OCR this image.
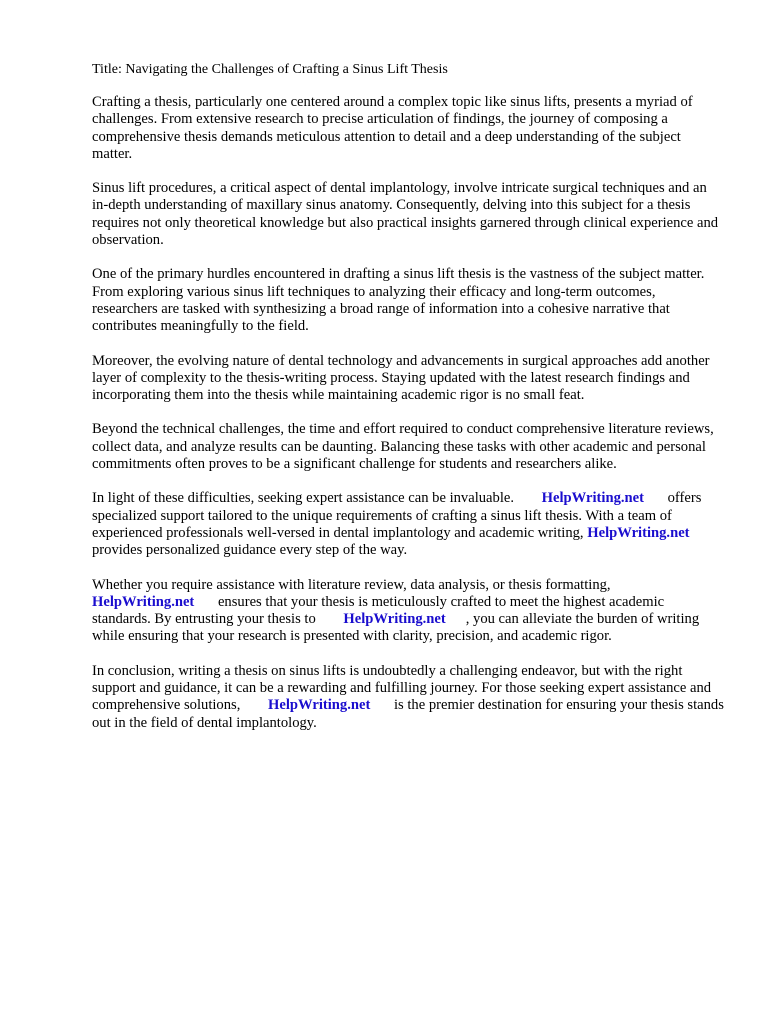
Title: Navigating the Challenges of Crafting a Sinus Lift Thesis

Crafting a thesis, particularly one centered around a complex topic like sinus lifts, presents a myriad of challenges. From extensive research to precise articulation of findings, the journey of composing a comprehensive thesis demands meticulous attention to detail and a deep understanding of the subject matter.

Sinus lift procedures, a critical aspect of dental implantology, involve intricate surgical techniques and an in-depth understanding of maxillary sinus anatomy. Consequently, delving into this subject for a thesis requires not only theoretical knowledge but also practical insights garnered through clinical experience and observation.

One of the primary hurdles encountered in drafting a sinus lift thesis is the vastness of the subject matter. From exploring various sinus lift techniques to analyzing their efficacy and long-term outcomes, researchers are tasked with synthesizing a broad range of information into a cohesive narrative that contributes meaningfully to the field.

Moreover, the evolving nature of dental technology and advancements in surgical approaches add another layer of complexity to the thesis-writing process. Staying updated with the latest research findings and incorporating them into the thesis while maintaining academic rigor is no small feat.

Beyond the technical challenges, the time and effort required to conduct comprehensive literature reviews, collect data, and analyze results can be daunting. Balancing these tasks with other academic and personal commitments often proves to be a significant challenge for students and researchers alike.

In light of these difficulties, seeking expert assistance can be invaluable. HelpWriting.net offers specialized support tailored to the unique requirements of crafting a sinus lift thesis. With a team of experienced professionals well-versed in dental implantology and academic writing, HelpWriting.net provides personalized guidance every step of the way.

Whether you require assistance with literature review, data analysis, or thesis formatting, HelpWriting.net ensures that your thesis is meticulously crafted to meet the highest academic standards. By entrusting your thesis to HelpWriting.net , you can alleviate the burden of writing while ensuring that your research is presented with clarity, precision, and academic rigor.

In conclusion, writing a thesis on sinus lifts is undoubtedly a challenging endeavor, but with the right support and guidance, it can be a rewarding and fulfilling journey. For those seeking expert assistance and comprehensive solutions, HelpWriting.net is the premier destination for ensuring your thesis stands out in the field of dental implantology.
